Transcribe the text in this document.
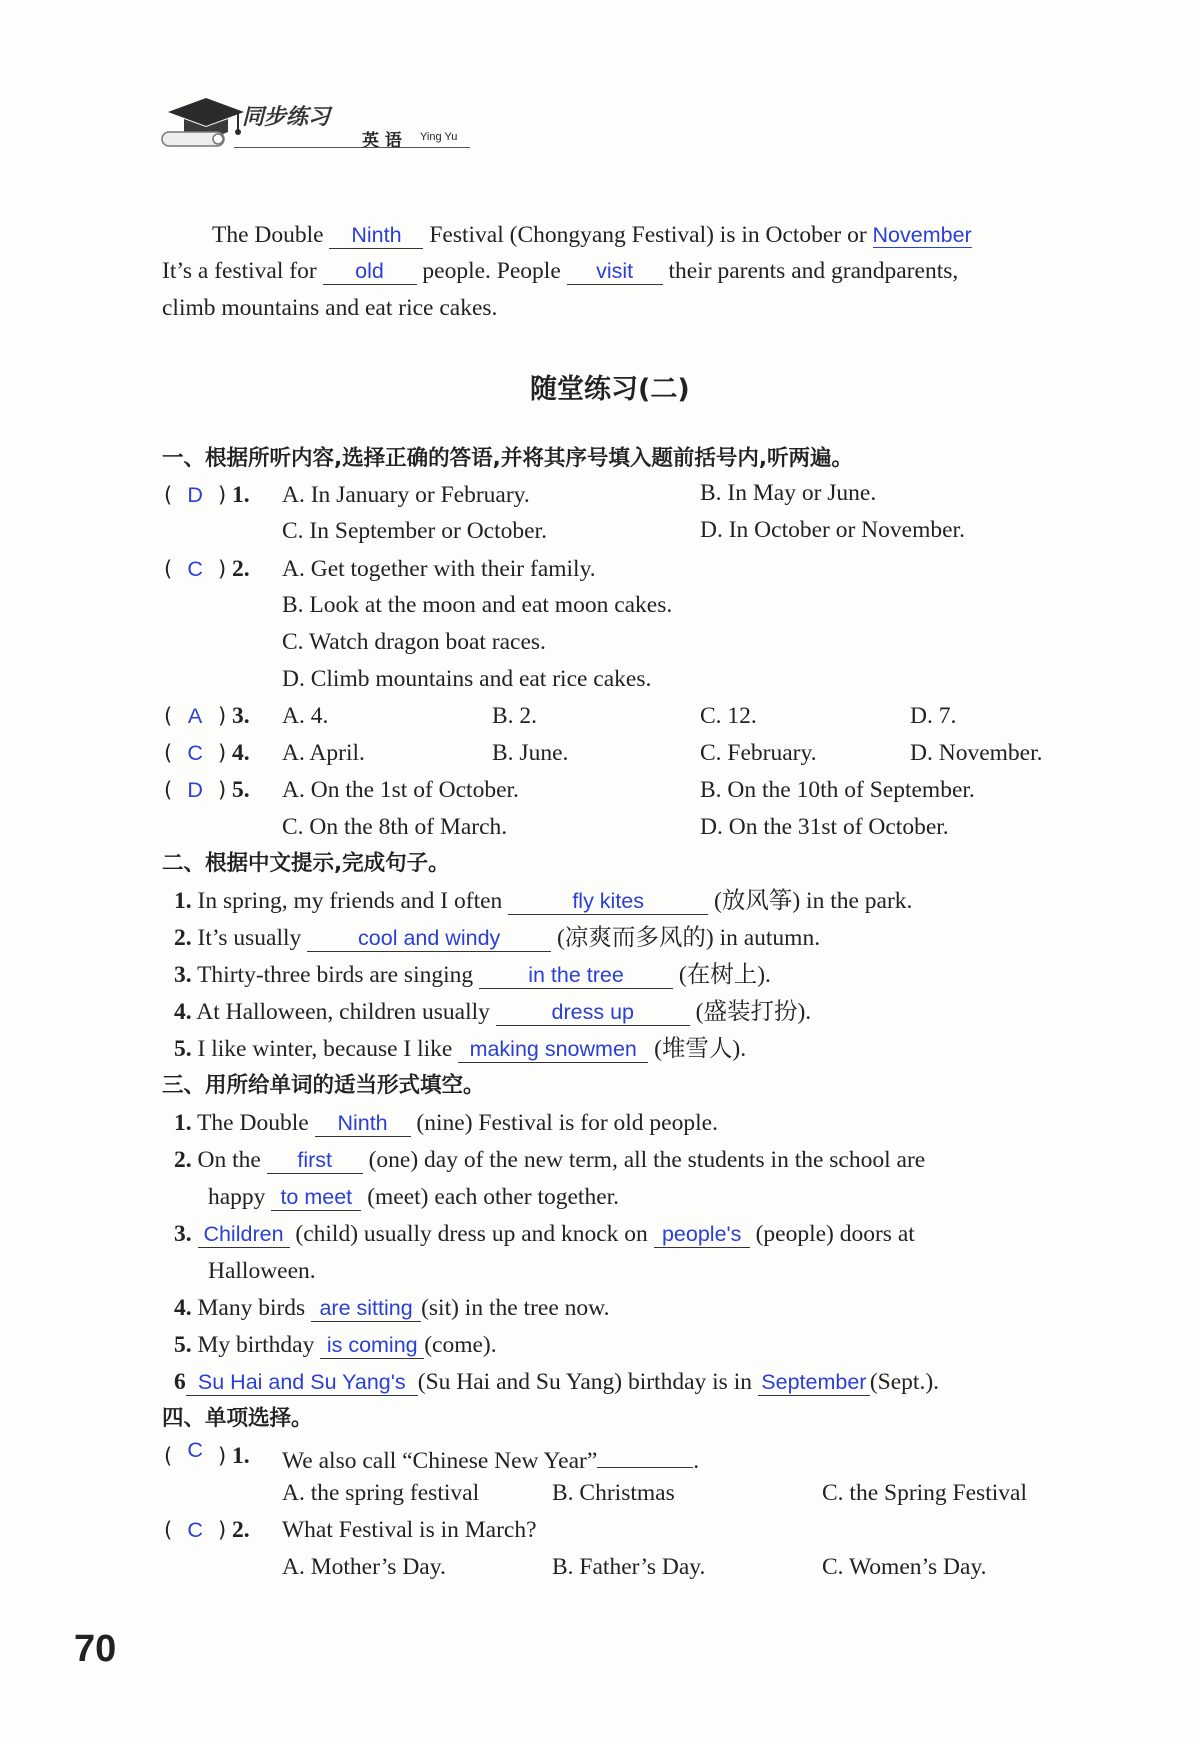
同步练习
英 语 Ying Yu
The Double Ninth Festival (Chongyang Festival) is in October or November
It’s a festival for old people. People visit their parents and grandparents,
climb mountains and eat rice cakes.
随堂练习(二)
一、根据所听内容,选择正确的答语,并将其序号填入题前括号内,听两遍。
( D ) 1. A. In January or February.	B. In May or June.
C. In September or October.	D. In October or November.
( C ) 2. A. Get together with their family.
B. Look at the moon and eat moon cakes.
C. Watch dragon boat races.
D. Climb mountains and eat rice cakes.
( A ) 3. A. 4.	B. 2.	C. 12.	D. 7.
( C ) 4. A. April.	B. June.	C. February.	D. November.
( D ) 5. A. On the 1st of October.	B. On the 10th of September.
C. On the 8th of March.	D. On the 31st of October.
二、根据中文提示,完成句子。
1. In spring, my friends and I often	fly kites	(放风筝) in the park.
2. It’s usually	cool and windy (凉爽而多风的) in autumn.
3. Thirty-three birds are singing	in the tree (在树上).
4. At Halloween, children usually	dress up	(盛装打扮).
5. I like winter, because I like making snowmen (堆雪人).
三、用所给单词的适当形式填空。
1. The Double Ninth (nine) Festival is for old people.
2. On the first (one) day of the new term, all the students in the school are
happy to meet (meet) each other together.
3. Children (child) usually dress up and knock on people's (people) doors at
Halloween.
4. Many birds are sitting (sit) in the tree now.
5. My birthday is coming (come).
6 Su Hai and Su Yang's (Su Hai and Su Yang) birthday is in September (Sept.).
四、单项选择。
( C ) 1. We also call “Chinese New Year”	.
A. the spring festival	B. Christmas	C. the Spring Festival
( C ) 2. What Festival is in March?
A. Mother’s Day.	B. Father’s Day.	C. Women’s Day.
70
